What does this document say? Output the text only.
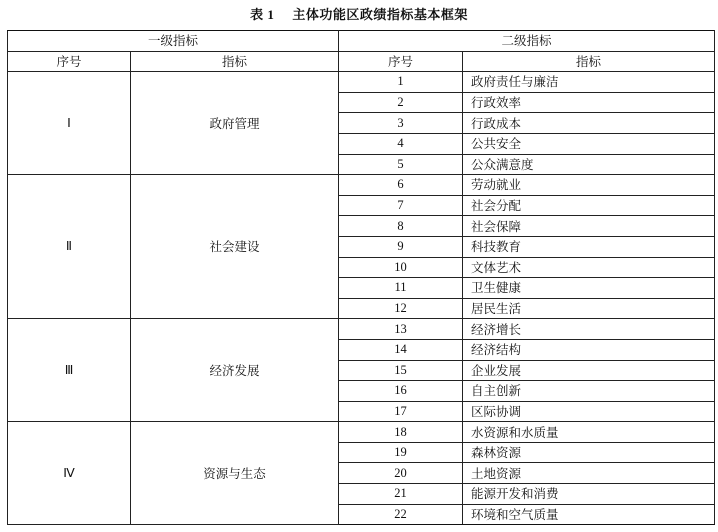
表 1 主体功能区政绩指标基本框架
一级指标		二级指标	
序号	指标	序号	指标
Ⅰ	政府管理	1	政府责任与廉洁
		2	行政效率
		3	行政成本
		4	公共安全
		5	公众满意度
Ⅱ	社会建设	6	劳动就业
		7	社会分配
		8	社会保障
		9	科技教育
		10	文体艺术
		11	卫生健康
		12	居民生活
Ⅲ	经济发展	13	经济增长
		14	经济结构
		15	企业发展
		16	自主创新
		17	区际协调
Ⅳ	资源与生态	18	水资源和水质量
		19	森林资源
		20	土地资源
		21	能源开发和消费
		22	环境和空气质量
